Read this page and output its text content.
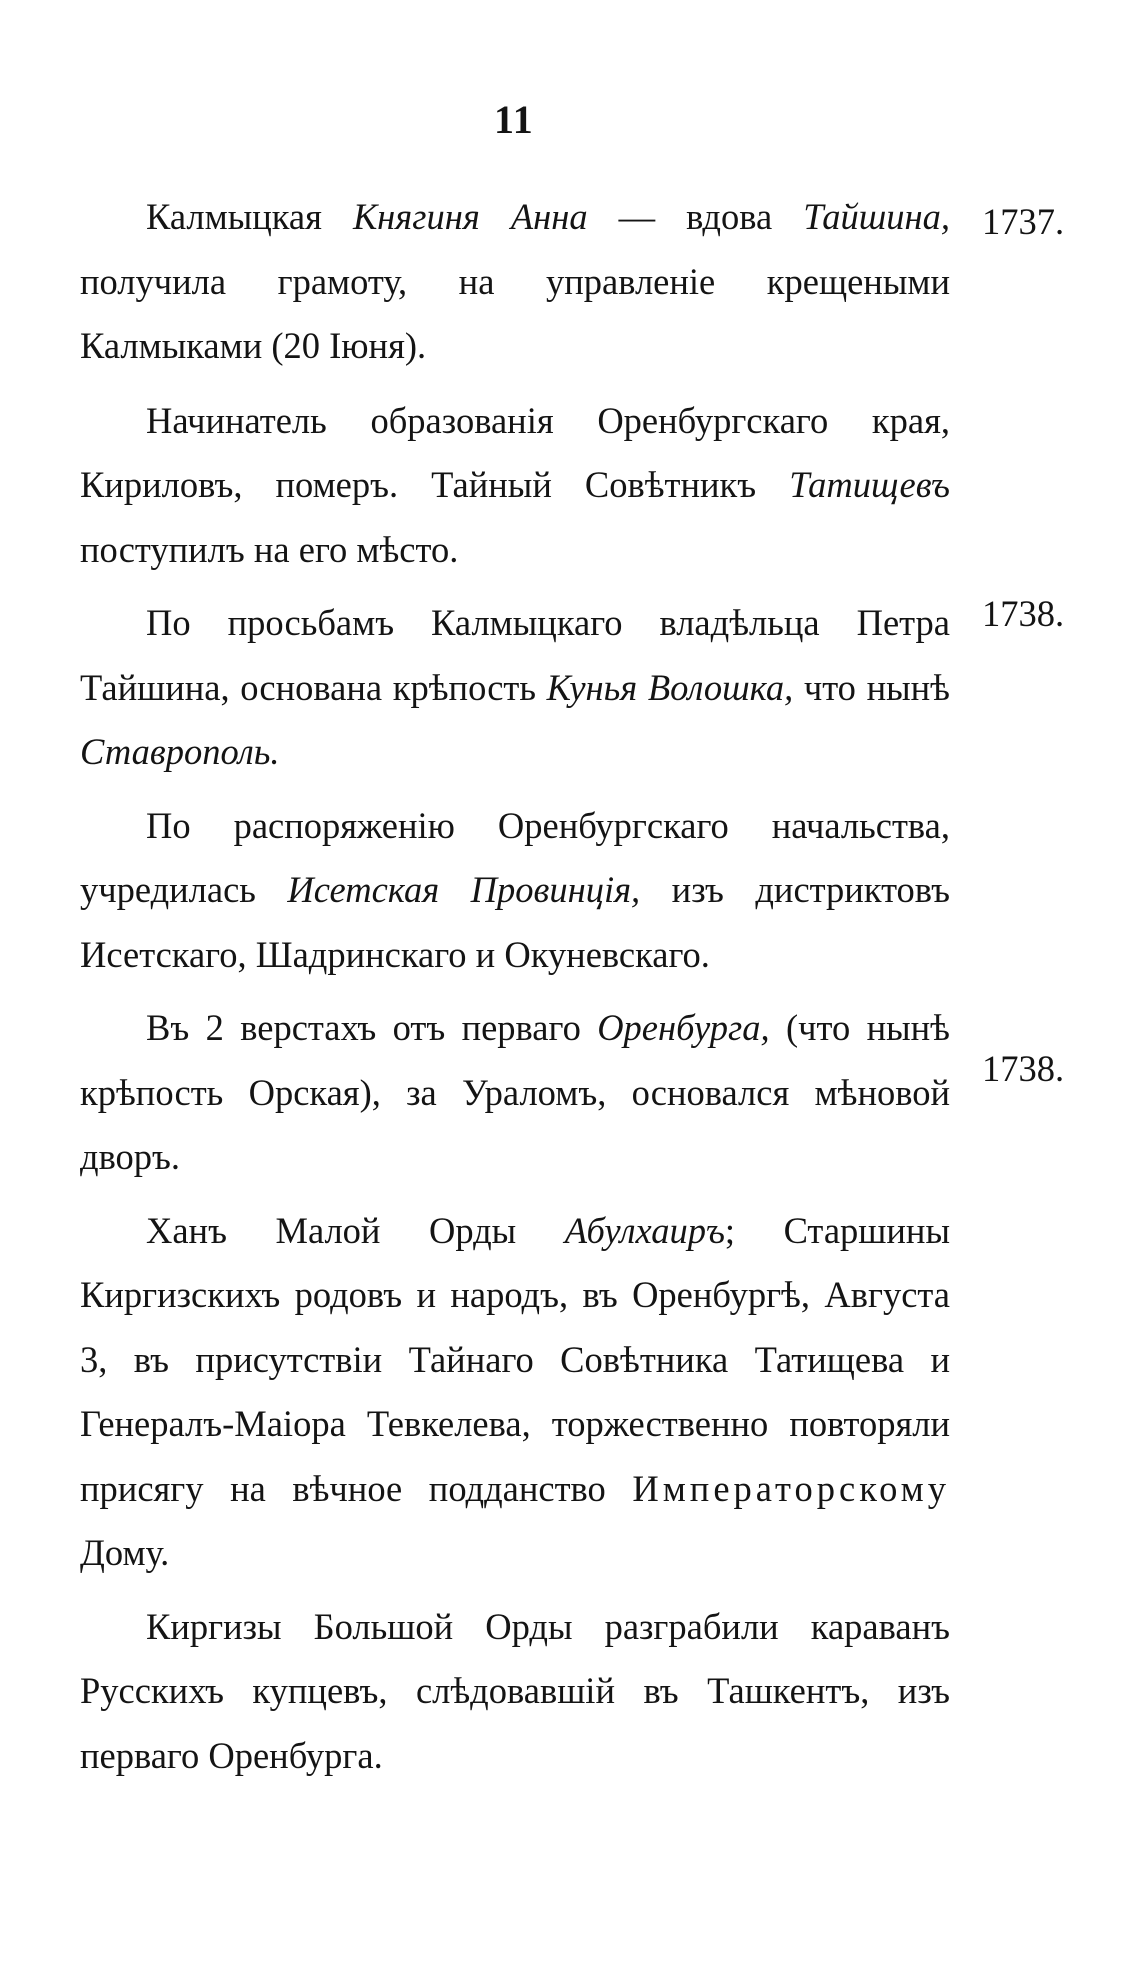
11

Калмыцкая Княгиня Анна — вдова Тайшина, получила грамоту, на управленіе крещеными Калмыками (20 Іюня).

Начинатель образованія Оренбургскаго края, Кириловъ, померъ. Тайный Совѣтникъ Татищевъ поступилъ на его мѣсто.

По просьбамъ Калмыцкаго владѣльца Петра Тайшина, основана крѣпость Кунья Волошка, что нынѣ Ставрополь.

По распоряженію Оренбургскаго начальства, учредилась Исетская Провинція, изъ дистриктовъ Исетскаго, Шадринскаго и Окуневскаго.

Въ 2 верстахъ отъ перваго Оренбурга, (что нынѣ крѣпость Орская), за Ураломъ, основался мѣновой дворъ.

Ханъ Малой Орды Абулхаиръ; Старшины Киргизскихъ родовъ и народъ, въ Оренбургѣ, Августа 3, въ присутствіи Тайнаго Совѣтника Татищева и Генералъ-Маіора Тевкелева, торжественно повторяли присягу на вѣчное подданство Императорскому Дому.

Киргизы Большой Орды разграбили караванъ Русскихъ купцевъ, слѣдовавшій въ Ташкентъ, изъ перваго Оренбурга.

1737.
1738.
1738.
